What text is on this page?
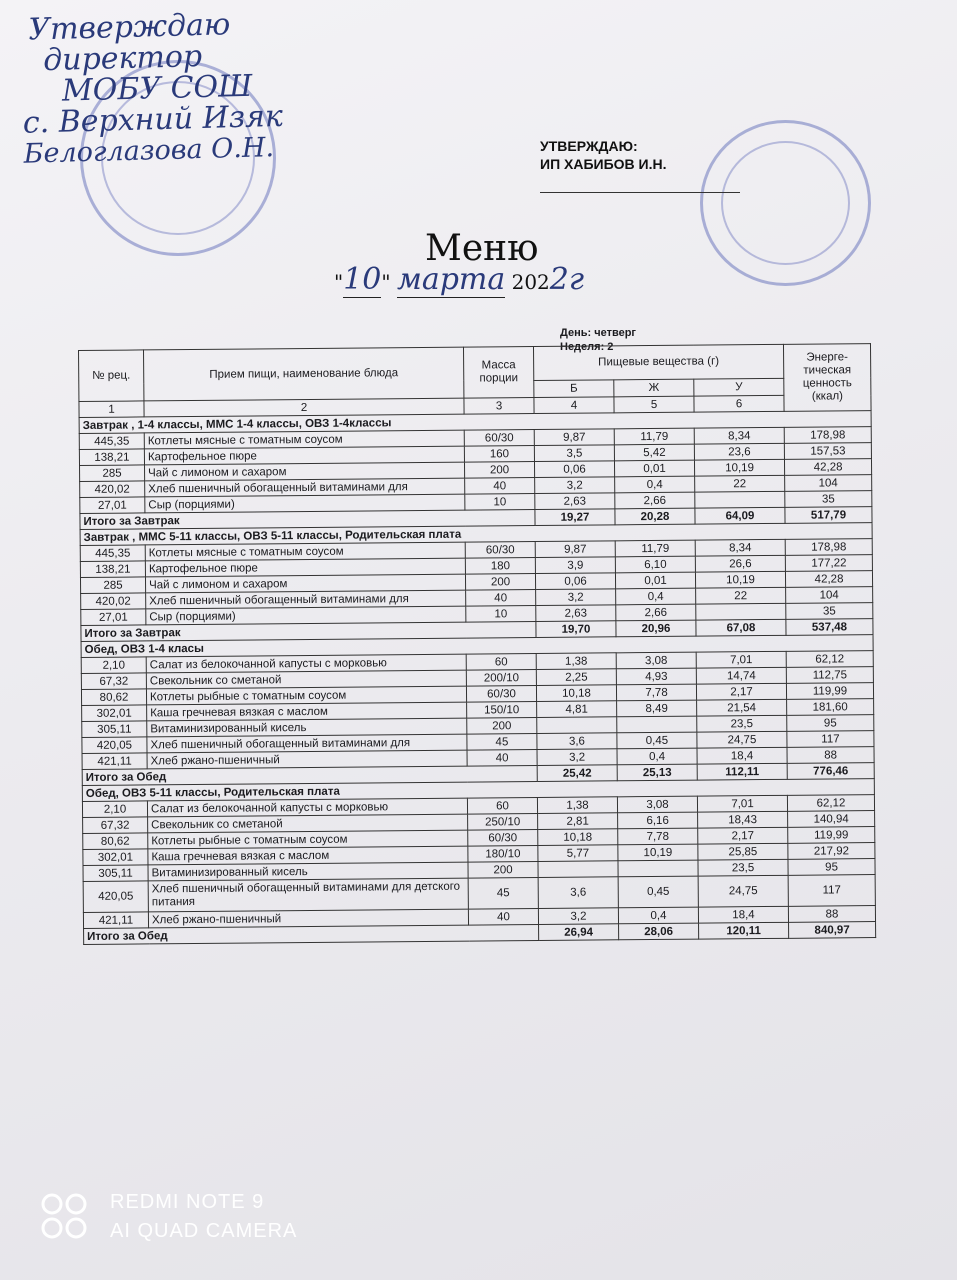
Утверждаю
директор
МОБУ СОШ
с. Верхний Изяк
Белоглазова О.Н.	УТВЕРЖДАЮ:
ИП ХАБИБОВ И.Н.
Меню
"10" марта 2022г
День: четверг
Неделя: 2
№ рец.	Прием пищи, наименование блюда	Масса порции	Пищевые вещества (г)			Энерге-тическая ценность (ккал)
			Б	Ж	У	
1	2	3	4	5	6	
Завтрак , 1-4 классы, ММС 1-4 классы, ОВЗ 1-4классы						
445,35	Котлеты мясные с томатным соусом	60/30	9,87	11,79	8,34	178,98
138,21	Картофельное пюре	160	3,5	5,42	23,6	157,53
285	Чай с лимоном и сахаром	200	0,06	0,01	10,19	42,28
420,02	Хлеб пшеничный обогащенный витаминами для	40	3,2	0,4	22	104
27,01	Сыр (порциями)	10	2,63	2,66		35
Итого за Завтрак			19,27	20,28	64,09	517,79
Завтрак , ММС 5-11 классы, ОВЗ 5-11 классы, Родительская плата						
445,35	Котлеты мясные с томатным соусом	60/30	9,87	11,79	8,34	178,98
138,21	Картофельное пюре	180	3,9	6,10	26,6	177,22
285	Чай с лимоном и сахаром	200	0,06	0,01	10,19	42,28
420,02	Хлеб пшеничный обогащенный витаминами для	40	3,2	0,4	22	104
27,01	Сыр (порциями)	10	2,63	2,66		35
Итого за Завтрак			19,70	20,96	67,08	537,48
Обед, ОВЗ 1-4 класы						
2,10	Салат из белокочанной капусты с морковью	60	1,38	3,08	7,01	62,12
67,32	Свекольник со сметаной	200/10	2,25	4,93	14,74	112,75
80,62	Котлеты рыбные с томатным соусом	60/30	10,18	7,78	2,17	119,99
302,01	Каша гречневая вязкая с маслом	150/10	4,81	8,49	21,54	181,60
305,11	Витаминизированный кисель	200			23,5	95
420,05	Хлеб пшеничный обогащенный витаминами для	45	3,6	0,45	24,75	117
421,11	Хлеб ржано-пшеничный	40	3,2	0,4	18,4	88
Итого за Обед			25,42	25,13	112,11	776,46
Обед, ОВЗ 5-11 классы, Родительская плата						
2,10	Салат из белокочанной капусты с морковью	60	1,38	3,08	7,01	62,12
67,32	Свекольник со сметаной	250/10	2,81	6,16	18,43	140,94
80,62	Котлеты рыбные с томатным соусом	60/30	10,18	7,78	2,17	119,99
302,01	Каша гречневая вязкая с маслом	180/10	5,77	10,19	25,85	217,92
305,11	Витаминизированный кисель	200			23,5	95
420,05	Хлеб пшеничный обогащенный витаминами для детского питания	45	3,6	0,45	24,75	117
421,11	Хлеб ржано-пшеничный	40	3,2	0,4	18,4	88
Итого за Обед			26,94	28,06	120,11	840,97
REDMI NOTE 9
AI QUAD CAMERA
